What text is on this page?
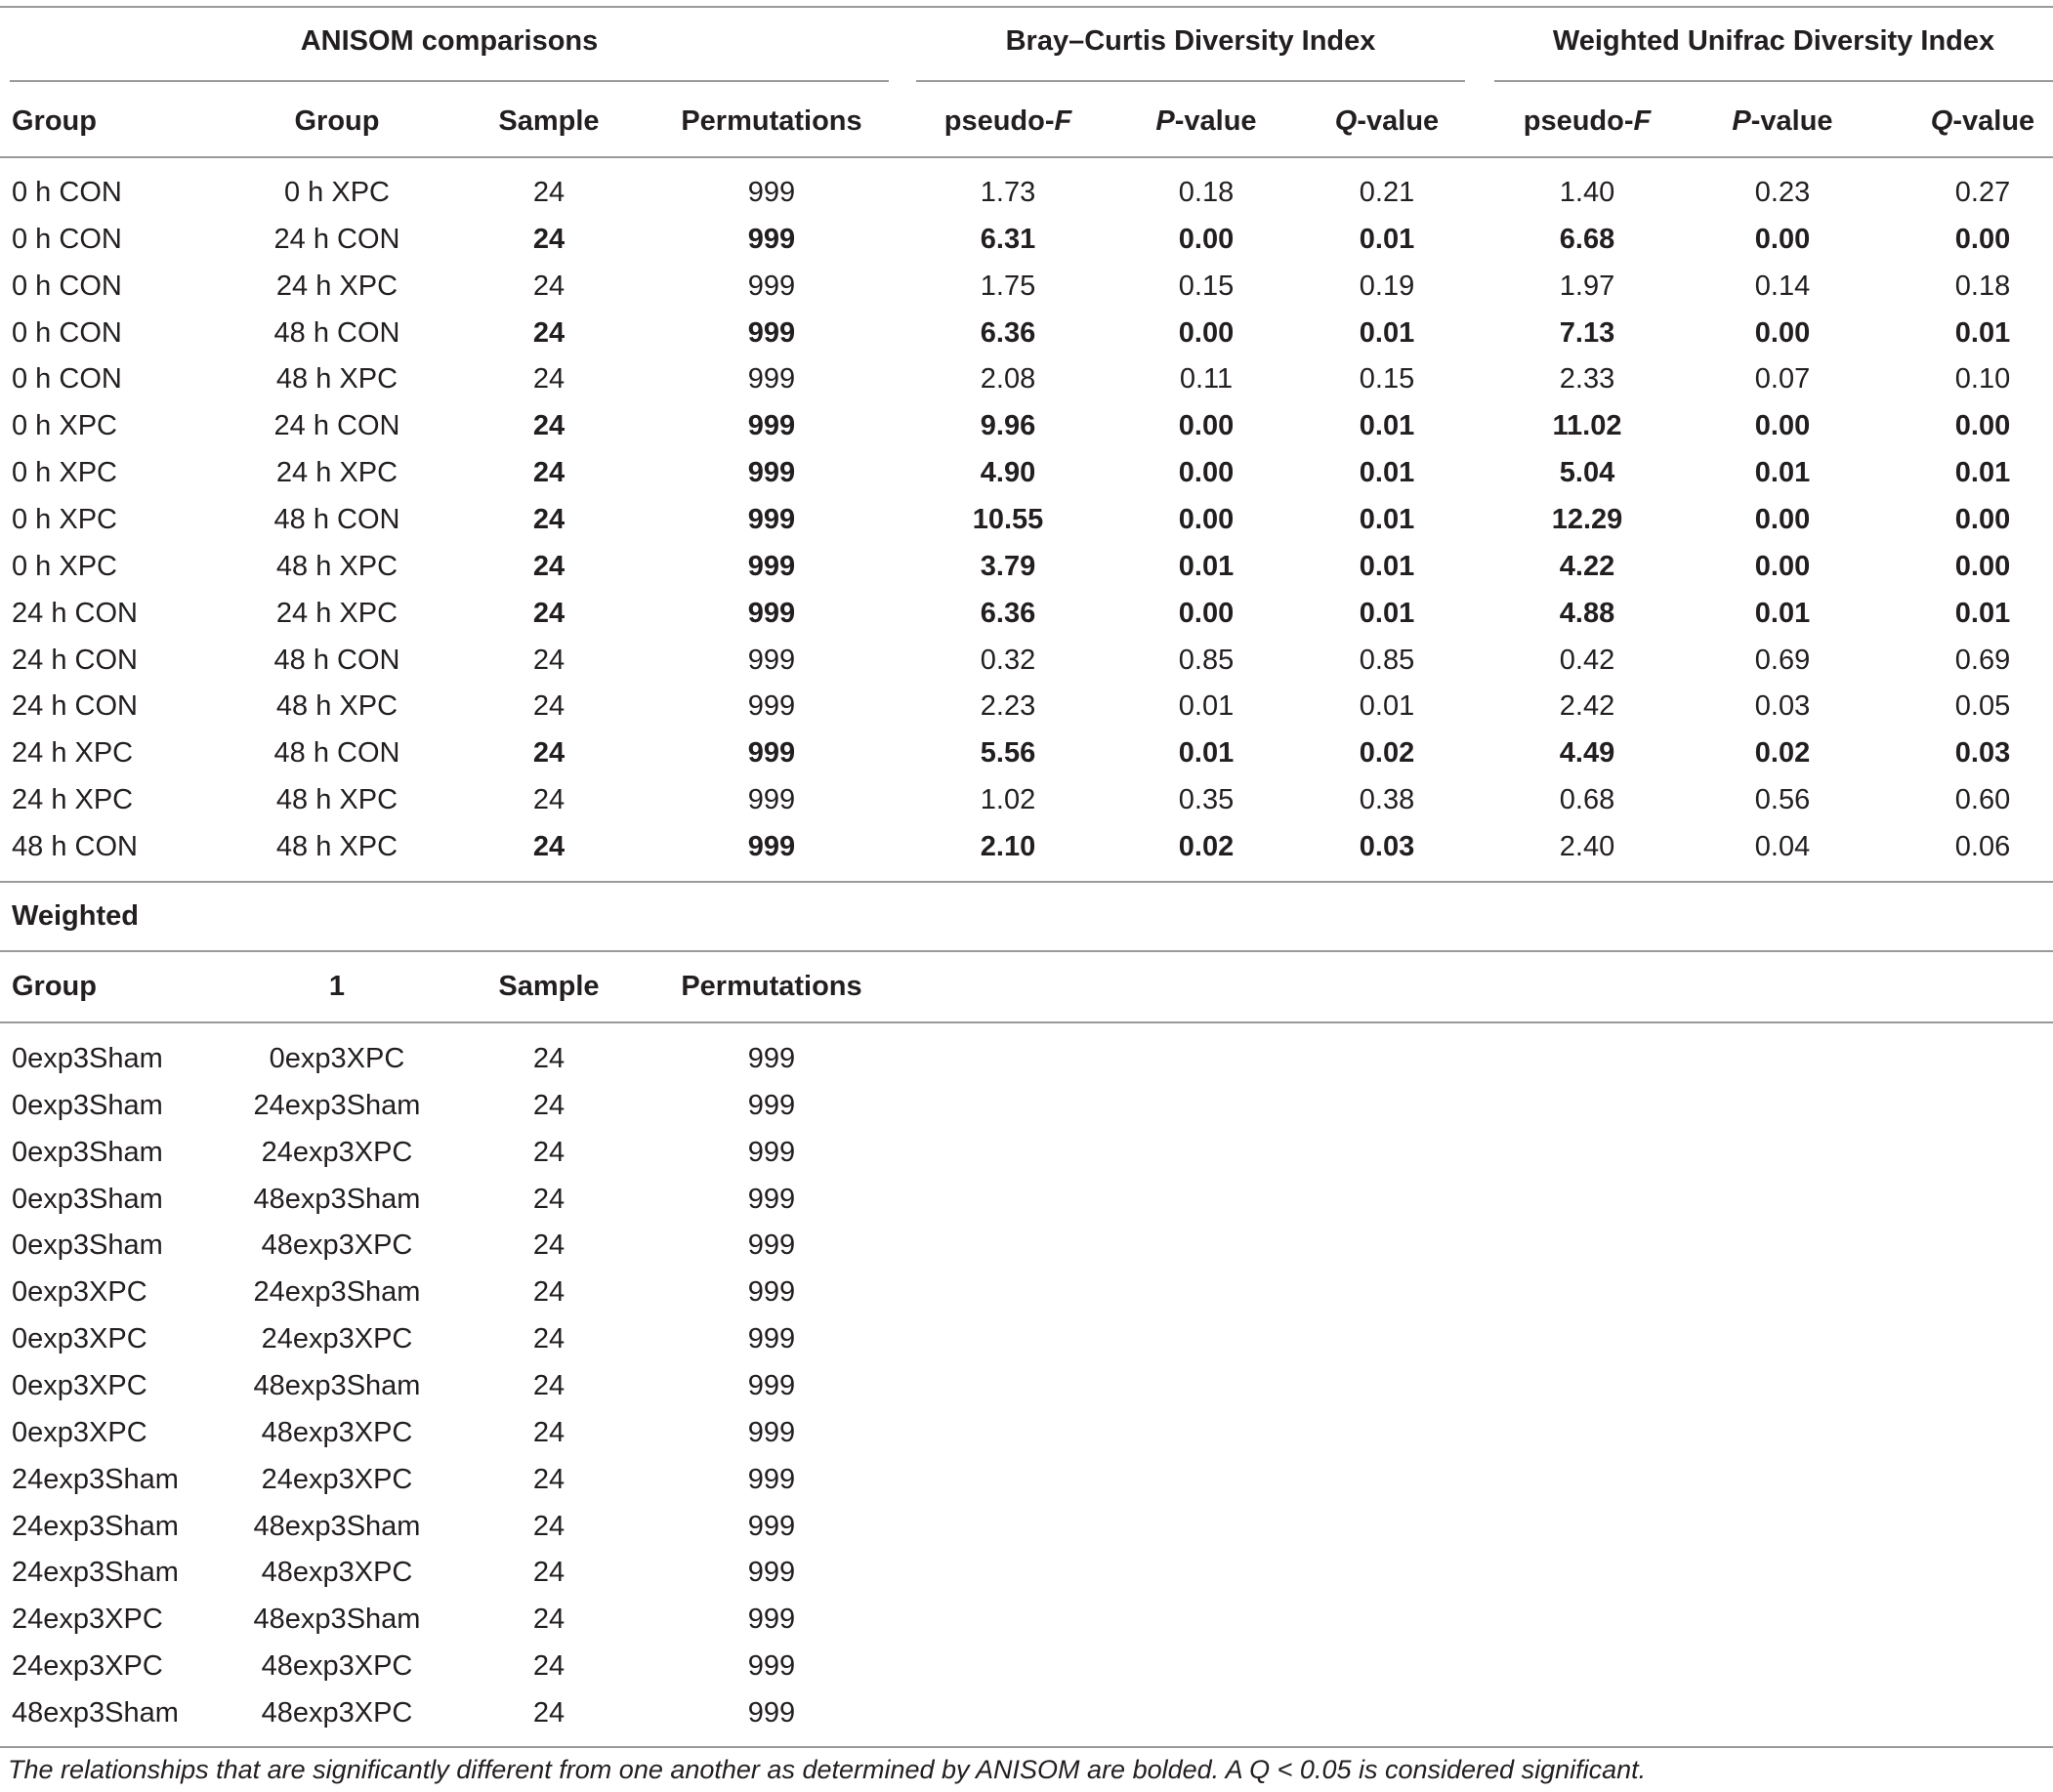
ANISOM comparisons	Bray–Curtis Diversity Index	Weighted Unifrac Diversity Index
Group	Group	Sample	Permutations	pseudo-F	P-value	Q-value	pseudo-F	P-value	Q-value
0 h CON	0 h XPC	24	999	1.73	0.18	0.21	1.40	0.23	0.27
0 h CON	24 h CON	24	999	6.31	0.00	0.01	6.68	0.00	0.00
0 h CON	24 h XPC	24	999	1.75	0.15	0.19	1.97	0.14	0.18
0 h CON	48 h CON	24	999	6.36	0.00	0.01	7.13	0.00	0.01
0 h CON	48 h XPC	24	999	2.08	0.11	0.15	2.33	0.07	0.10
0 h XPC	24 h CON	24	999	9.96	0.00	0.01	11.02	0.00	0.00
0 h XPC	24 h XPC	24	999	4.90	0.00	0.01	5.04	0.01	0.01
0 h XPC	48 h CON	24	999	10.55	0.00	0.01	12.29	0.00	0.00
0 h XPC	48 h XPC	24	999	3.79	0.01	0.01	4.22	0.00	0.00
24 h CON	24 h XPC	24	999	6.36	0.00	0.01	4.88	0.01	0.01
24 h CON	48 h CON	24	999	0.32	0.85	0.85	0.42	0.69	0.69
24 h CON	48 h XPC	24	999	2.23	0.01	0.01	2.42	0.03	0.05
24 h XPC	48 h CON	24	999	5.56	0.01	0.02	4.49	0.02	0.03
24 h XPC	48 h XPC	24	999	1.02	0.35	0.38	0.68	0.56	0.60
48 h CON	48 h XPC	24	999	2.10	0.02	0.03	2.40	0.04	0.06
Weighted
Group	1	Sample	Permutations
0exp3Sham	0exp3XPC	24	999
0exp3Sham	24exp3Sham	24	999
0exp3Sham	24exp3XPC	24	999
0exp3Sham	48exp3Sham	24	999
0exp3Sham	48exp3XPC	24	999
0exp3XPC	24exp3Sham	24	999
0exp3XPC	24exp3XPC	24	999
0exp3XPC	48exp3Sham	24	999
0exp3XPC	48exp3XPC	24	999
24exp3Sham	24exp3XPC	24	999
24exp3Sham	48exp3Sham	24	999
24exp3Sham	48exp3XPC	24	999
24exp3XPC	48exp3Sham	24	999
24exp3XPC	48exp3XPC	24	999
48exp3Sham	48exp3XPC	24	999
The relationships that are significantly different from one another as determined by ANISOM are bolded. A Q < 0.05 is considered significant.
